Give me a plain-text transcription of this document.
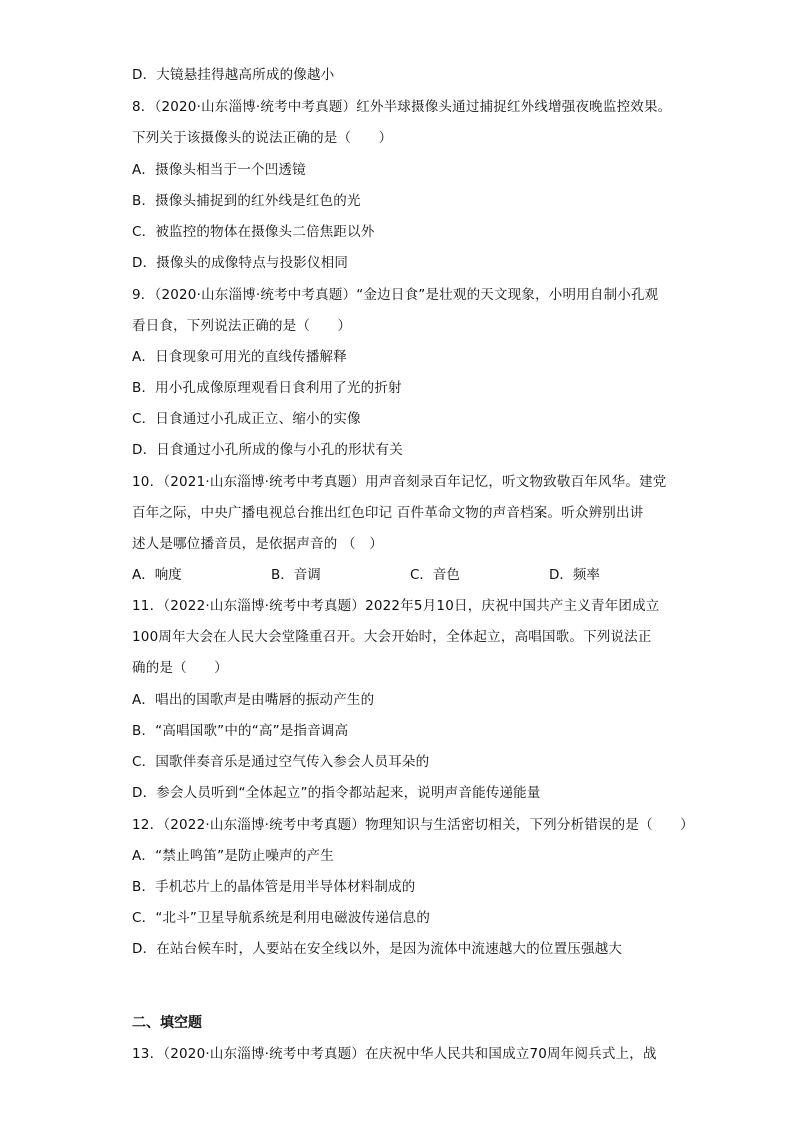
D．大镜悬挂得越高所成的像越小
8．（2020·山东淄博·统考中考真题）红外半球摄像头通过捕捉红外线增强夜晚监控效果。
下列关于该摄像头的说法正确的是（　　）
A．摄像头相当于一个凹透镜
B．摄像头捕捉到的红外线是红色的光
C．被监控的物体在摄像头二倍焦距以外
D．摄像头的成像特点与投影仪相同
9．（2020·山东淄博·统考中考真题）“金边日食”是壮观的天文现象，小明用自制小孔观
看日食，下列说法正确的是（　　）
A．日食现象可用光的直线传播解释
B．用小孔成像原理观看日食利用了光的折射
C．日食通过小孔成正立、缩小的实像
D．日食通过小孔所成的像与小孔的形状有关
10．（2021·山东淄博·统考中考真题）用声音刻录百年记忆，听文物致敬百年风华。建党
百年之际，中央广播电视总台推出红色印记 百件革命文物的声音档案。听众辨别出讲
述人是哪位播音员，是依据声音的 （　）
A．响度	B．音调	C．音色	D．频率
11．（2022·山东淄博·统考中考真题）2022年5月10日，庆祝中国共产主义青年团成立
100周年大会在人民大会堂隆重召开。大会开始时，全体起立，高唱国歌。下列说法正
确的是（　　）
A．唱出的国歌声是由嘴唇的振动产生的
B．“高唱国歌”中的“高”是指音调高
C．国歌伴奏音乐是通过空气传入参会人员耳朵的
D．参会人员听到“全体起立”的指令都站起来，说明声音能传递能量
12．（2022·山东淄博·统考中考真题）物理知识与生活密切相关，下列分析错误的是（　　）
A．“禁止鸣笛”是防止噪声的产生
B．手机芯片上的晶体管是用半导体材料制成的
C．“北斗”卫星导航系统是利用电磁波传递信息的
D．在站台候车时，人要站在安全线以外，是因为流体中流速越大的位置压强越大
二、填空题
13．（2020·山东淄博·统考中考真题）在庆祝中华人民共和国成立70周年阅兵式上，战
